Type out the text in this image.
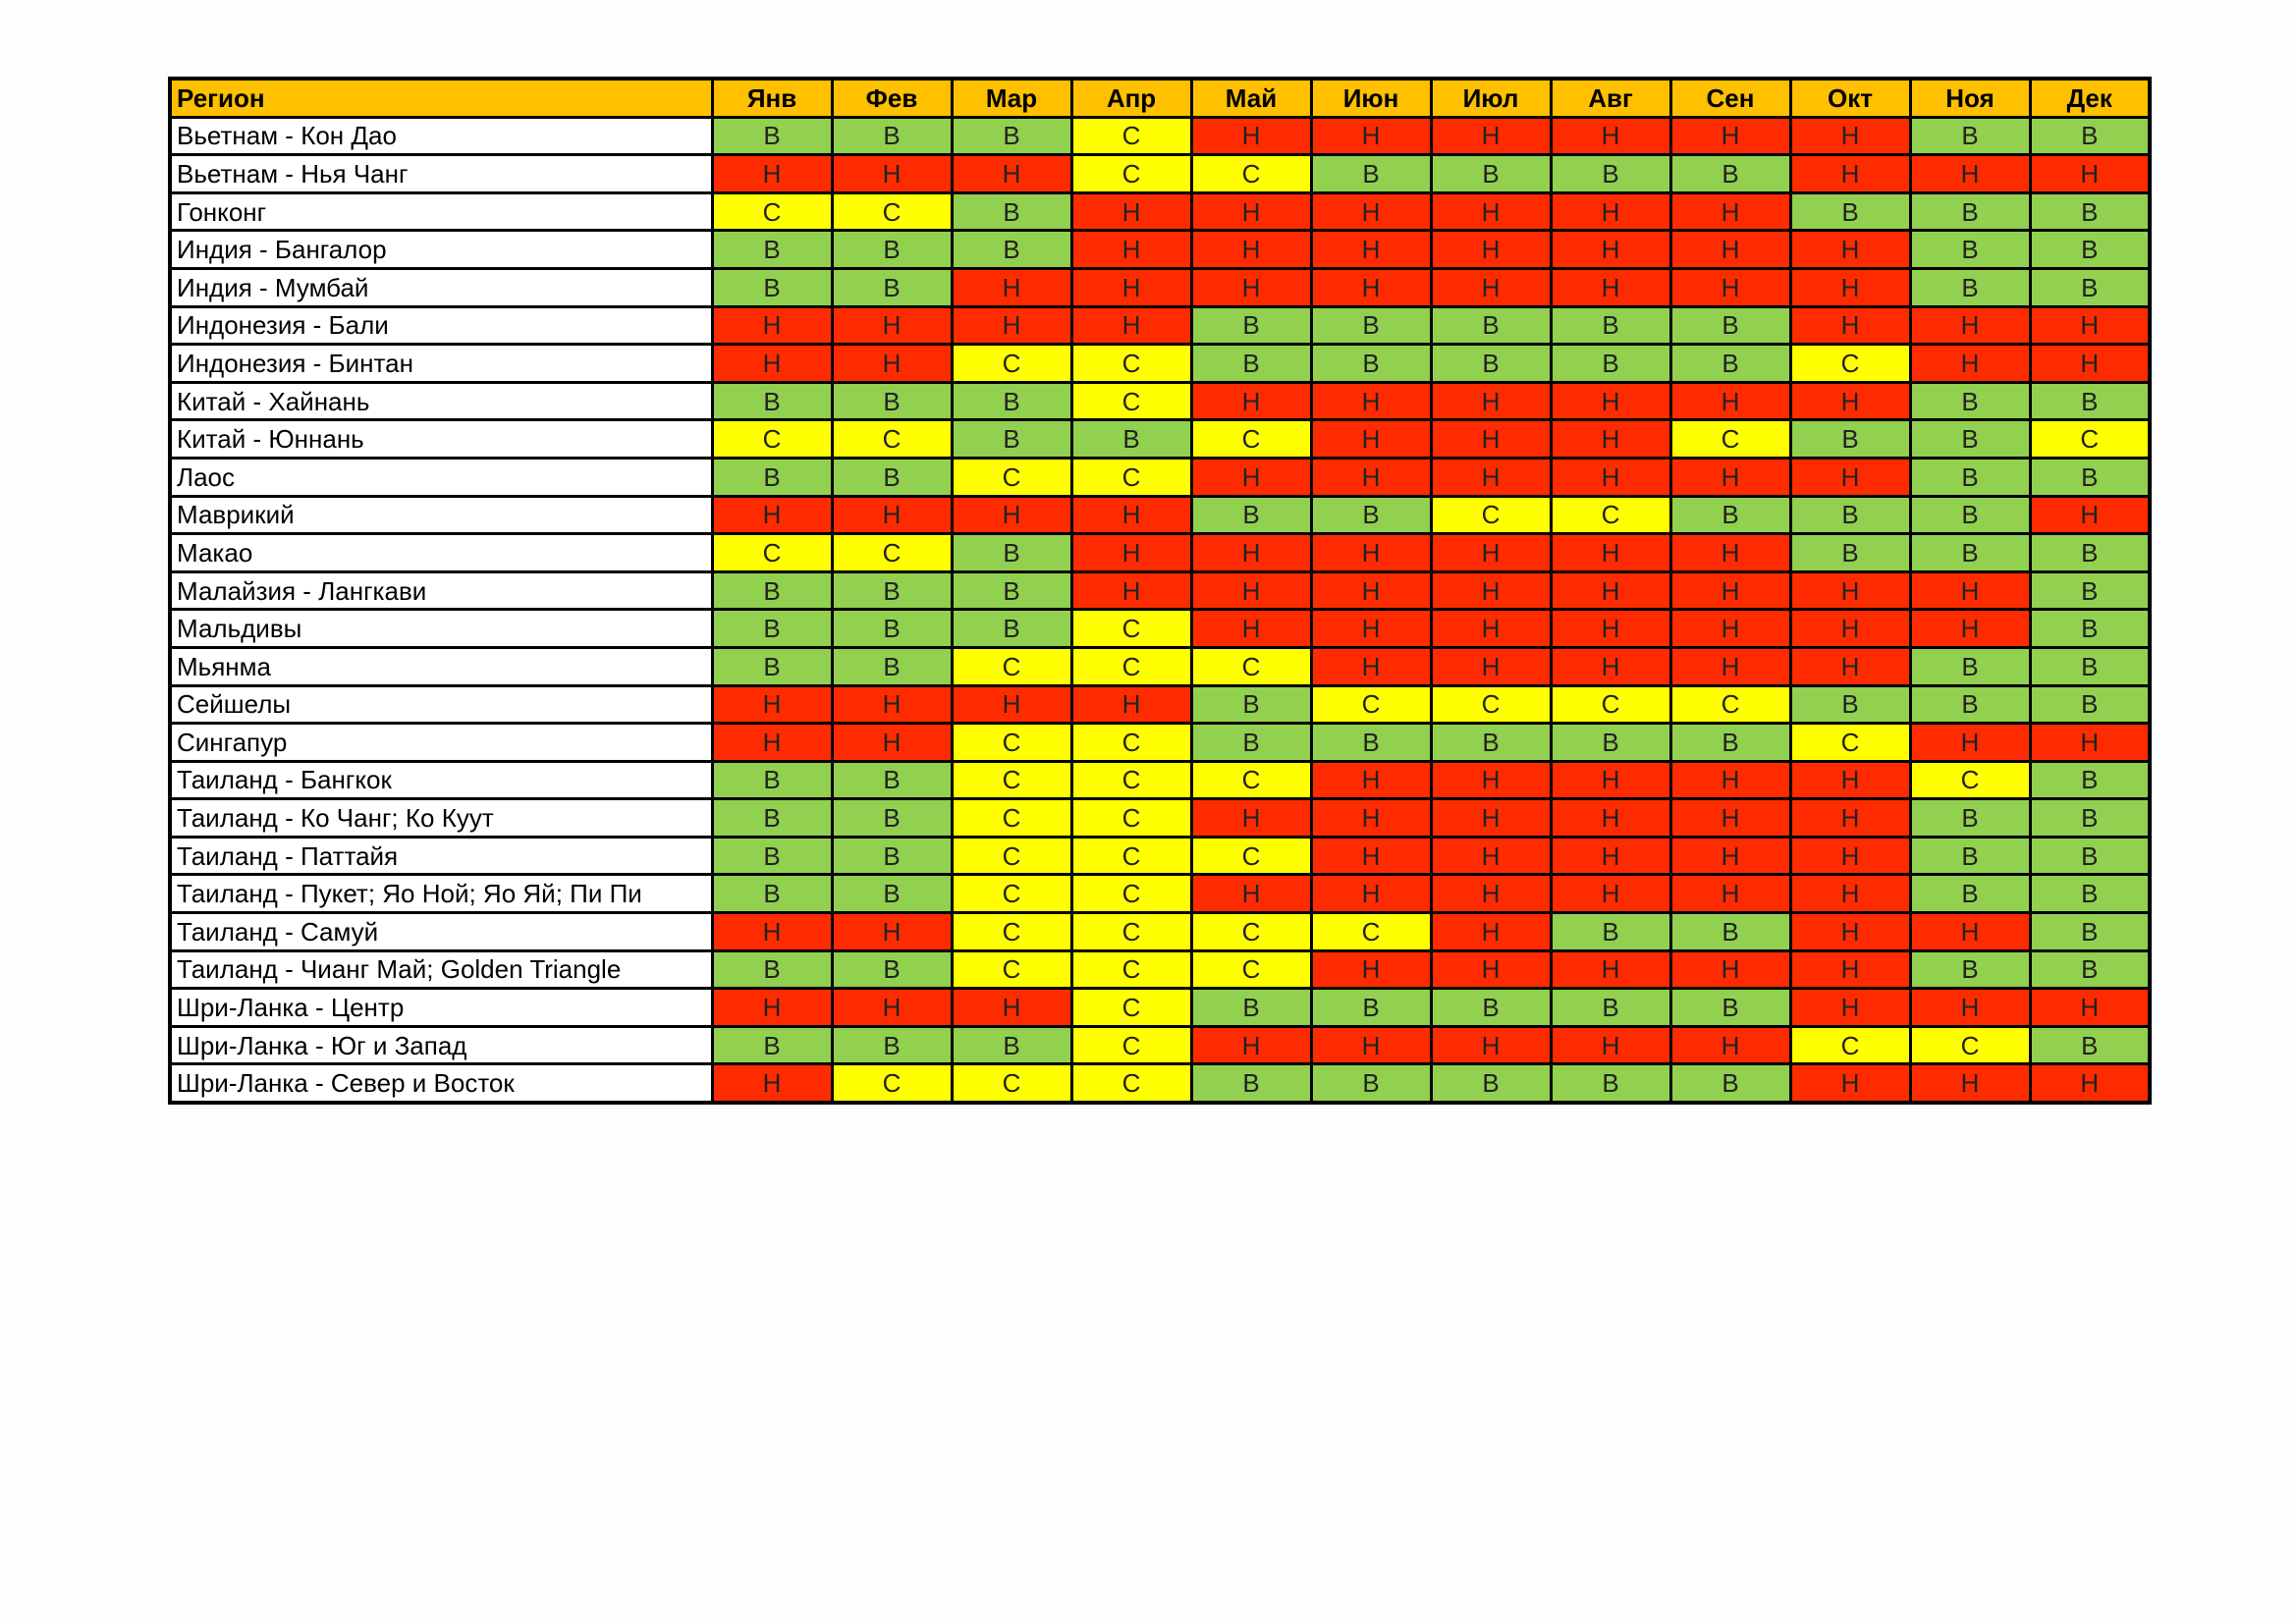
Регион	Янв	Фев	Мар	Апр	Май	Июн	Июл	Авг	Сен	Окт	Ноя	Дек
Вьетнам - Кон Дао	В	В	В	С	Н	Н	Н	Н	Н	Н	В	В
Вьетнам - Нья Чанг	Н	Н	Н	С	С	В	В	В	В	Н	Н	Н
Гонконг	С	С	В	Н	Н	Н	Н	Н	Н	В	В	В
Индия - Бангалор	В	В	В	Н	Н	Н	Н	Н	Н	Н	В	В
Индия - Мумбай	В	В	Н	Н	Н	Н	Н	Н	Н	Н	В	В
Индонезия - Бали	Н	Н	Н	Н	В	В	В	В	В	Н	Н	Н
Индонезия - Бинтан	Н	Н	С	С	В	В	В	В	В	С	Н	Н
Китай - Хайнань	В	В	В	С	Н	Н	Н	Н	Н	Н	В	В
Китай - Юннань	С	С	В	В	С	Н	Н	Н	С	В	В	С
Лаос	В	В	С	С	Н	Н	Н	Н	Н	Н	В	В
Маврикий	Н	Н	Н	Н	В	В	С	С	В	В	В	Н
Макао	С	С	В	Н	Н	Н	Н	Н	Н	В	В	В
Малайзия - Лангкави	В	В	В	Н	Н	Н	Н	Н	Н	Н	Н	В
Мальдивы	В	В	В	С	Н	Н	Н	Н	Н	Н	Н	В
Мьянма	В	В	С	С	С	Н	Н	Н	Н	Н	В	В
Сейшелы	Н	Н	Н	Н	В	С	С	С	С	В	В	В
Сингапур	Н	Н	С	С	В	В	В	В	В	С	Н	Н
Таиланд - Бангкок	В	В	С	С	С	Н	Н	Н	Н	Н	С	В
Таиланд - Ко Чанг; Ко Куут	В	В	С	С	Н	Н	Н	Н	Н	Н	В	В
Таиланд - Паттайя	В	В	С	С	С	Н	Н	Н	Н	Н	В	В
Таиланд - Пукет; Яо Ной; Яо Яй; Пи Пи	В	В	С	С	Н	Н	Н	Н	Н	Н	В	В
Таиланд - Самуй	Н	Н	С	С	С	С	Н	В	В	Н	Н	В
Таиланд - Чианг Май; Golden Triangle	В	В	С	С	С	Н	Н	Н	Н	Н	В	В
Шри-Ланка - Центр	Н	Н	Н	С	В	В	В	В	В	Н	Н	Н
Шри-Ланка - Юг и Запад	В	В	В	С	Н	Н	Н	Н	Н	С	С	В
Шри-Ланка - Север и Восток	Н	С	С	С	В	В	В	В	В	Н	Н	Н
